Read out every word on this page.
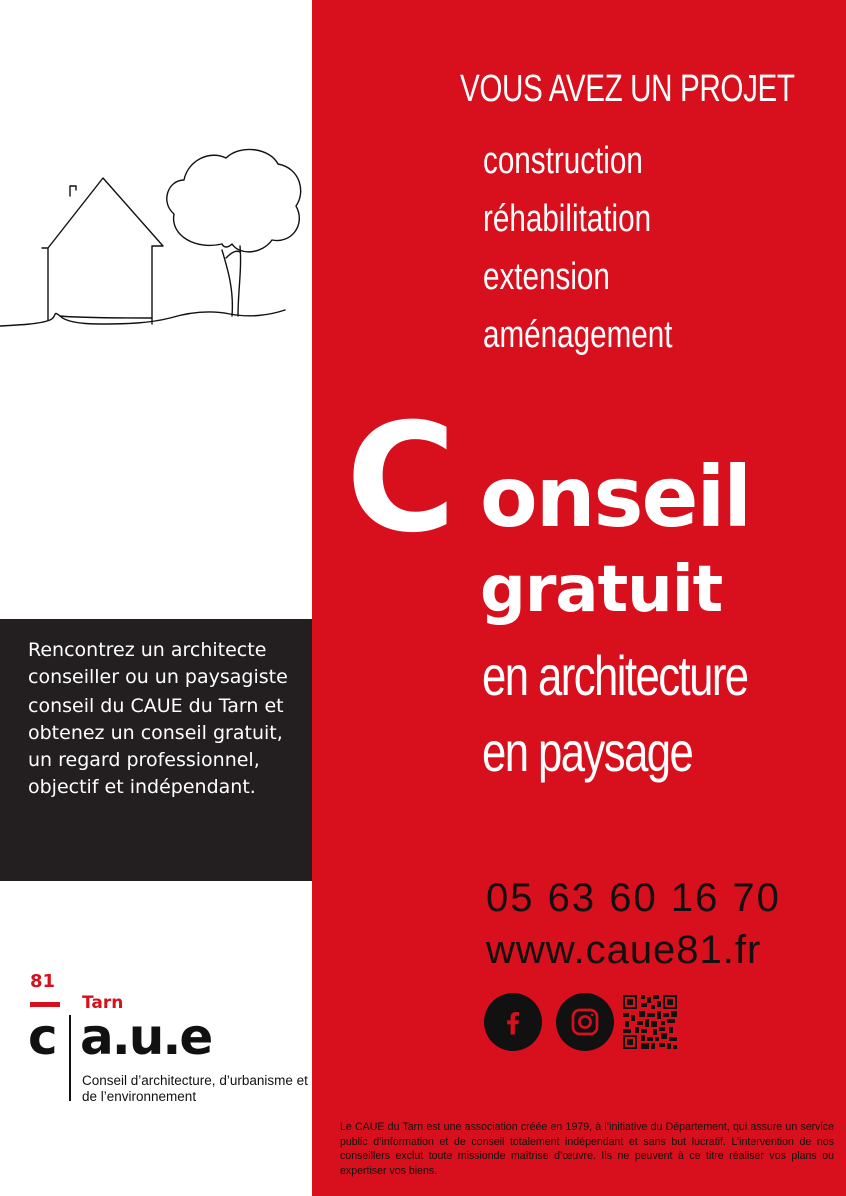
Rencontrez un architecte conseiller ou un paysagiste

conseil du CAUE du Tarn et obtenez un conseil gratuit, un regard professionnel, objectif et indépendant.

VOUS AVEZ UN PROJET
construction
réhabilitation
extension
aménagement
C onseil
gratuit
en architecture
en paysage
05 63 60 16 70
www.caue81.fr
Le CAUE du Tarn est une association créée en 1979, à l’initiative du Département, qui assure un service public d’information et de conseil totalement indépendant et sans but lucratif. L’intervention de nos conseillers exclut toute missionde maîtrise d’œuvre. Ils ne peuvent à ce titre réaliser vos plans ou expertiser vos biens.
81
Tarn
c a.u.e
Conseil d’architecture, d’urbanisme et de l’environnement
